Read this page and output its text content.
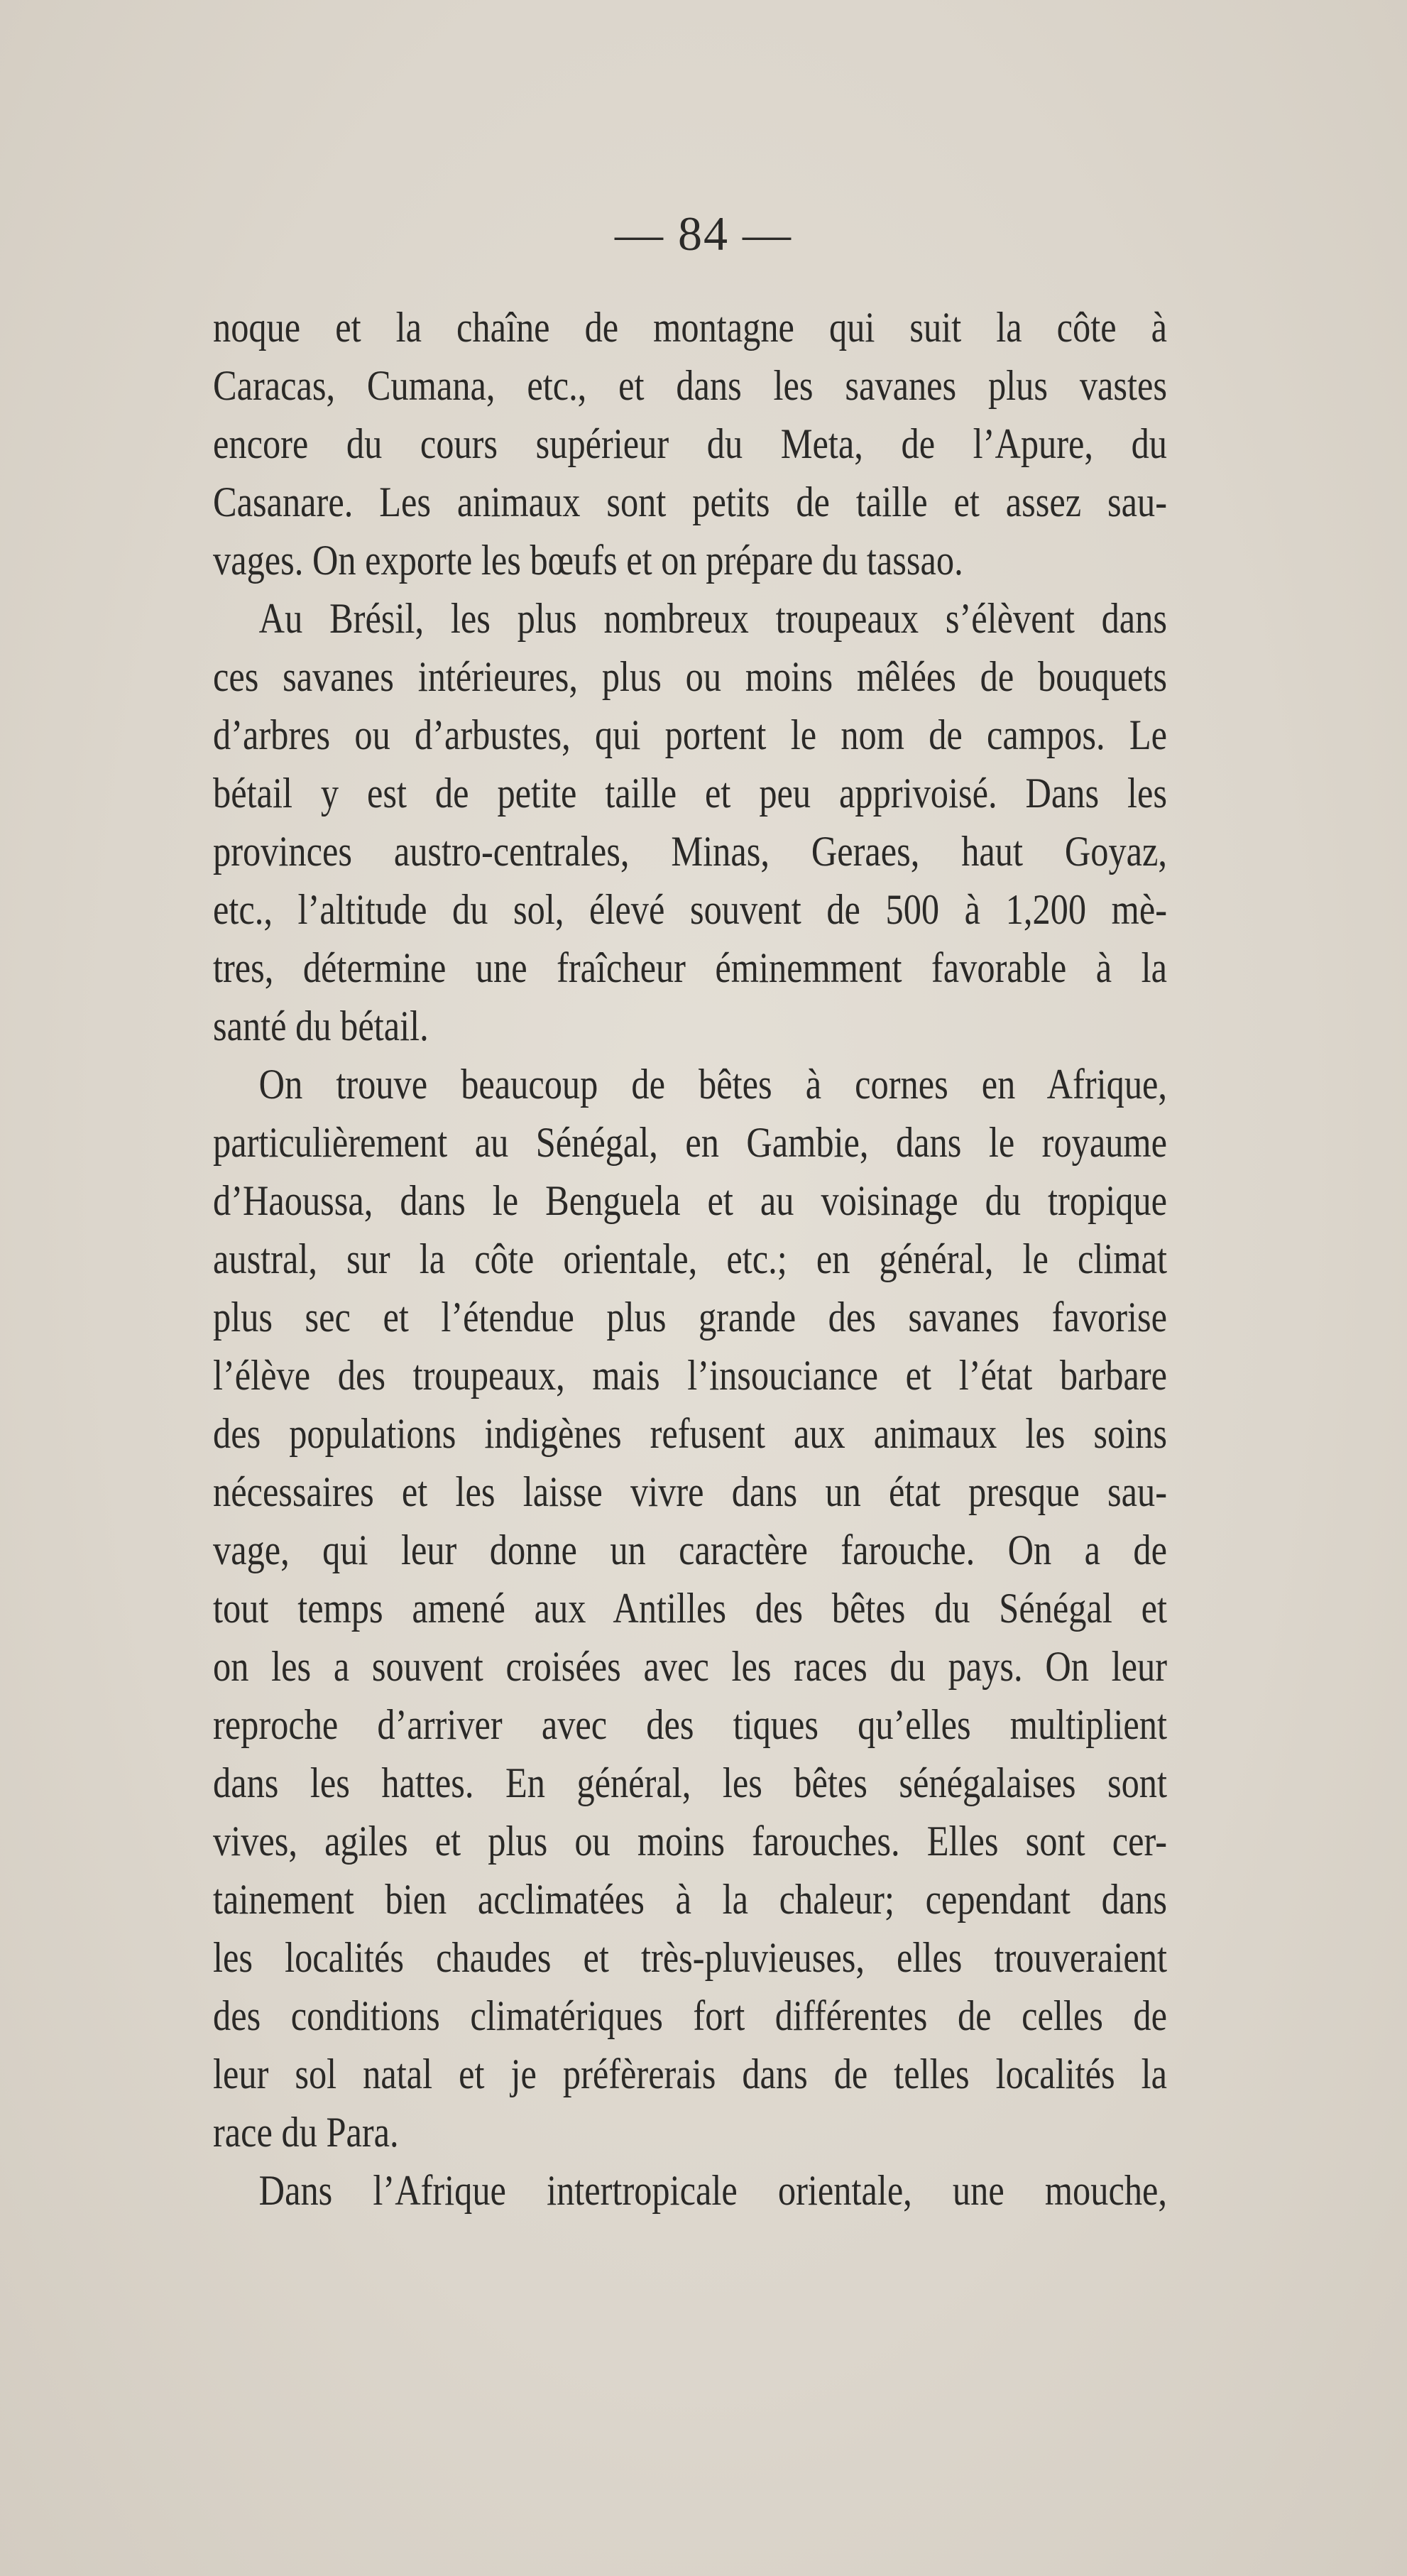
— 84 —
noque et la chaîne de montagne qui suit la côte à
Caracas, Cumana, etc., et dans les savanes plus vastes
encore du cours supérieur du Meta, de l’Apure, du
Casanare. Les animaux sont petits de taille et assez sau-
vages. On exporte les bœufs et on prépare du tassao.
Au Brésil, les plus nombreux troupeaux s’élèvent dans
ces savanes intérieures, plus ou moins mêlées de bouquets
d’arbres ou d’arbustes, qui portent le nom de campos. Le
bétail y est de petite taille et peu apprivoisé. Dans les
provinces austro-centrales, Minas, Geraes, haut Goyaz,
etc., l’altitude du sol, élevé souvent de 500 à 1,200 mè-
tres, détermine une fraîcheur éminemment favorable à la
santé du bétail.
On trouve beaucoup de bêtes à cornes en Afrique,
particulièrement au Sénégal, en Gambie, dans le royaume
d’Haoussa, dans le Benguela et au voisinage du tropique
austral, sur la côte orientale, etc.; en général, le climat
plus sec et l’étendue plus grande des savanes favorise
l’élève des troupeaux, mais l’insouciance et l’état barbare
des populations indigènes refusent aux animaux les soins
nécessaires et les laisse vivre dans un état presque sau-
vage, qui leur donne un caractère farouche. On a de
tout temps amené aux Antilles des bêtes du Sénégal et
on les a souvent croisées avec les races du pays. On leur
reproche d’arriver avec des tiques qu’elles multiplient
dans les hattes. En général, les bêtes sénégalaises sont
vives, agiles et plus ou moins farouches. Elles sont cer-
tainement bien acclimatées à la chaleur; cependant dans
les localités chaudes et très-pluvieuses, elles trouveraient
des conditions climatériques fort différentes de celles de
leur sol natal et je préfèrerais dans de telles localités la
race du Para.
Dans l’Afrique intertropicale orientale, une mouche,
